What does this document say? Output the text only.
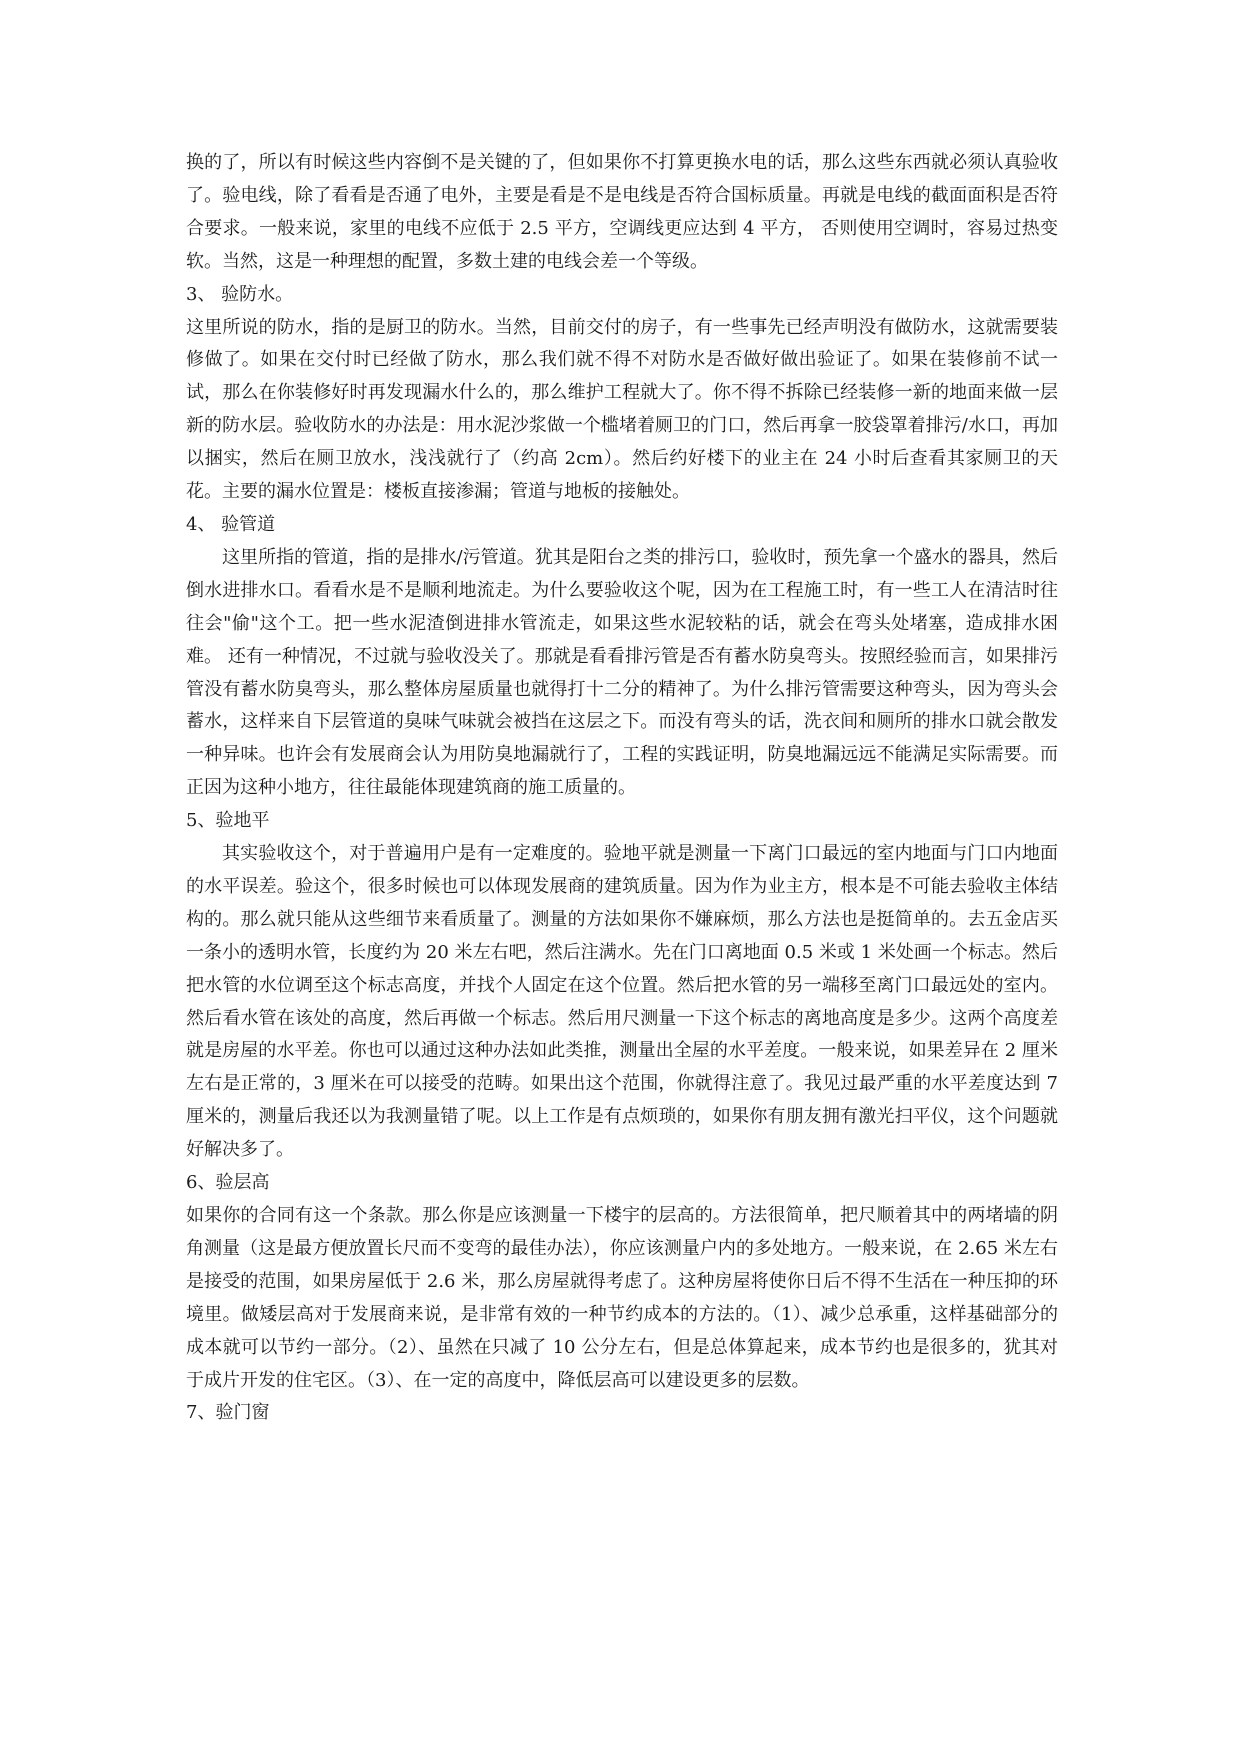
换的了，所以有时候这些内容倒不是关键的了，但如果你不打算更换水电的话，那么这些东西就必须认真验收了。验电线，除了看看是否通了电外，主要是看是不是电线是否符合国标质量。再就是电线的截面面积是否符合要求。一般来说，家里的电线不应低于 2.5 平方，空调线更应达到 4 平方， 否则使用空调时，容易过热变软。当然，这是一种理想的配置，多数土建的电线会差一个等级。

3、 验防水。

这里所说的防水，指的是厨卫的防水。当然，目前交付的房子，有一些事先已经声明没有做防水，这就需要装修做了。如果在交付时已经做了防水，那么我们就不得不对防水是否做好做出验证了。如果在装修前不试一试，那么在你装修好时再发现漏水什么的，那么维护工程就大了。你不得不拆除已经装修一新的地面来做一层新的防水层。验收防水的办法是：用水泥沙浆做一个槛堵着厕卫的门口，然后再拿一胶袋罩着排污/水口，再加以捆实，然后在厕卫放水，浅浅就行了（约高 2cm）。然后约好楼下的业主在 24 小时后查看其家厕卫的天花。主要的漏水位置是：楼板直接渗漏；管道与地板的接触处。

4、 验管道

这里所指的管道，指的是排水/污管道。犹其是阳台之类的排污口，验收时，预先拿一个盛水的器具，然后倒水进排水口。看看水是不是顺利地流走。为什么要验收这个呢，因为在工程施工时，有一些工人在清洁时往往会"偷"这个工。把一些水泥渣倒进排水管流走，如果这些水泥较粘的话，就会在弯头处堵塞，造成排水困难。 还有一种情况，不过就与验收没关了。那就是看看排污管是否有蓄水防臭弯头。按照经验而言，如果排污管没有蓄水防臭弯头，那么整体房屋质量也就得打十二分的精神了。为什么排污管需要这种弯头，因为弯头会蓄水，这样来自下层管道的臭味气味就会被挡在这层之下。而没有弯头的话，洗衣间和厕所的排水口就会散发一种异味。也许会有发展商会认为用防臭地漏就行了，工程的实践证明，防臭地漏远远不能满足实际需要。而正因为这种小地方，往往最能体现建筑商的施工质量的。

5、验地平

其实验收这个，对于普遍用户是有一定难度的。验地平就是测量一下离门口最远的室内地面与门口内地面的水平误差。验这个，很多时候也可以体现发展商的建筑质量。因为作为业主方，根本是不可能去验收主体结构的。那么就只能从这些细节来看质量了。测量的方法如果你不嫌麻烦，那么方法也是挺简单的。去五金店买一条小的透明水管，长度约为 20 米左右吧，然后注满水。先在门口离地面 0.5 米或 1 米处画一个标志。然后把水管的水位调至这个标志高度，并找个人固定在这个位置。然后把水管的另一端移至离门口最远处的室内。然后看水管在该处的高度，然后再做一个标志。然后用尺测量一下这个标志的离地高度是多少。这两个高度差就是房屋的水平差。你也可以通过这种办法如此类推，测量出全屋的水平差度。一般来说，如果差异在 2 厘米左右是正常的，3 厘米在可以接受的范畴。如果出这个范围，你就得注意了。我见过最严重的水平差度达到 7 厘米的，测量后我还以为我测量错了呢。以上工作是有点烦琐的，如果你有朋友拥有激光扫平仪，这个问题就好解决多了。

6、验层高

如果你的合同有这一个条款。那么你是应该测量一下楼宇的层高的。方法很简单，把尺顺着其中的两堵墙的阴角测量（这是最方便放置长尺而不变弯的最佳办法），你应该测量户内的多处地方。一般来说，在 2.65 米左右是接受的范围，如果房屋低于 2.6 米，那么房屋就得考虑了。这种房屋将使你日后不得不生活在一种压抑的环境里。做矮层高对于发展商来说，是非常有效的一种节约成本的方法的。（1）、减少总承重，这样基础部分的成本就可以节约一部分。（2）、虽然在只减了 10 公分左右，但是总体算起来，成本节约也是很多的，犹其对于成片开发的住宅区。（3）、在一定的高度中，降低层高可以建设更多的层数。

7、验门窗
